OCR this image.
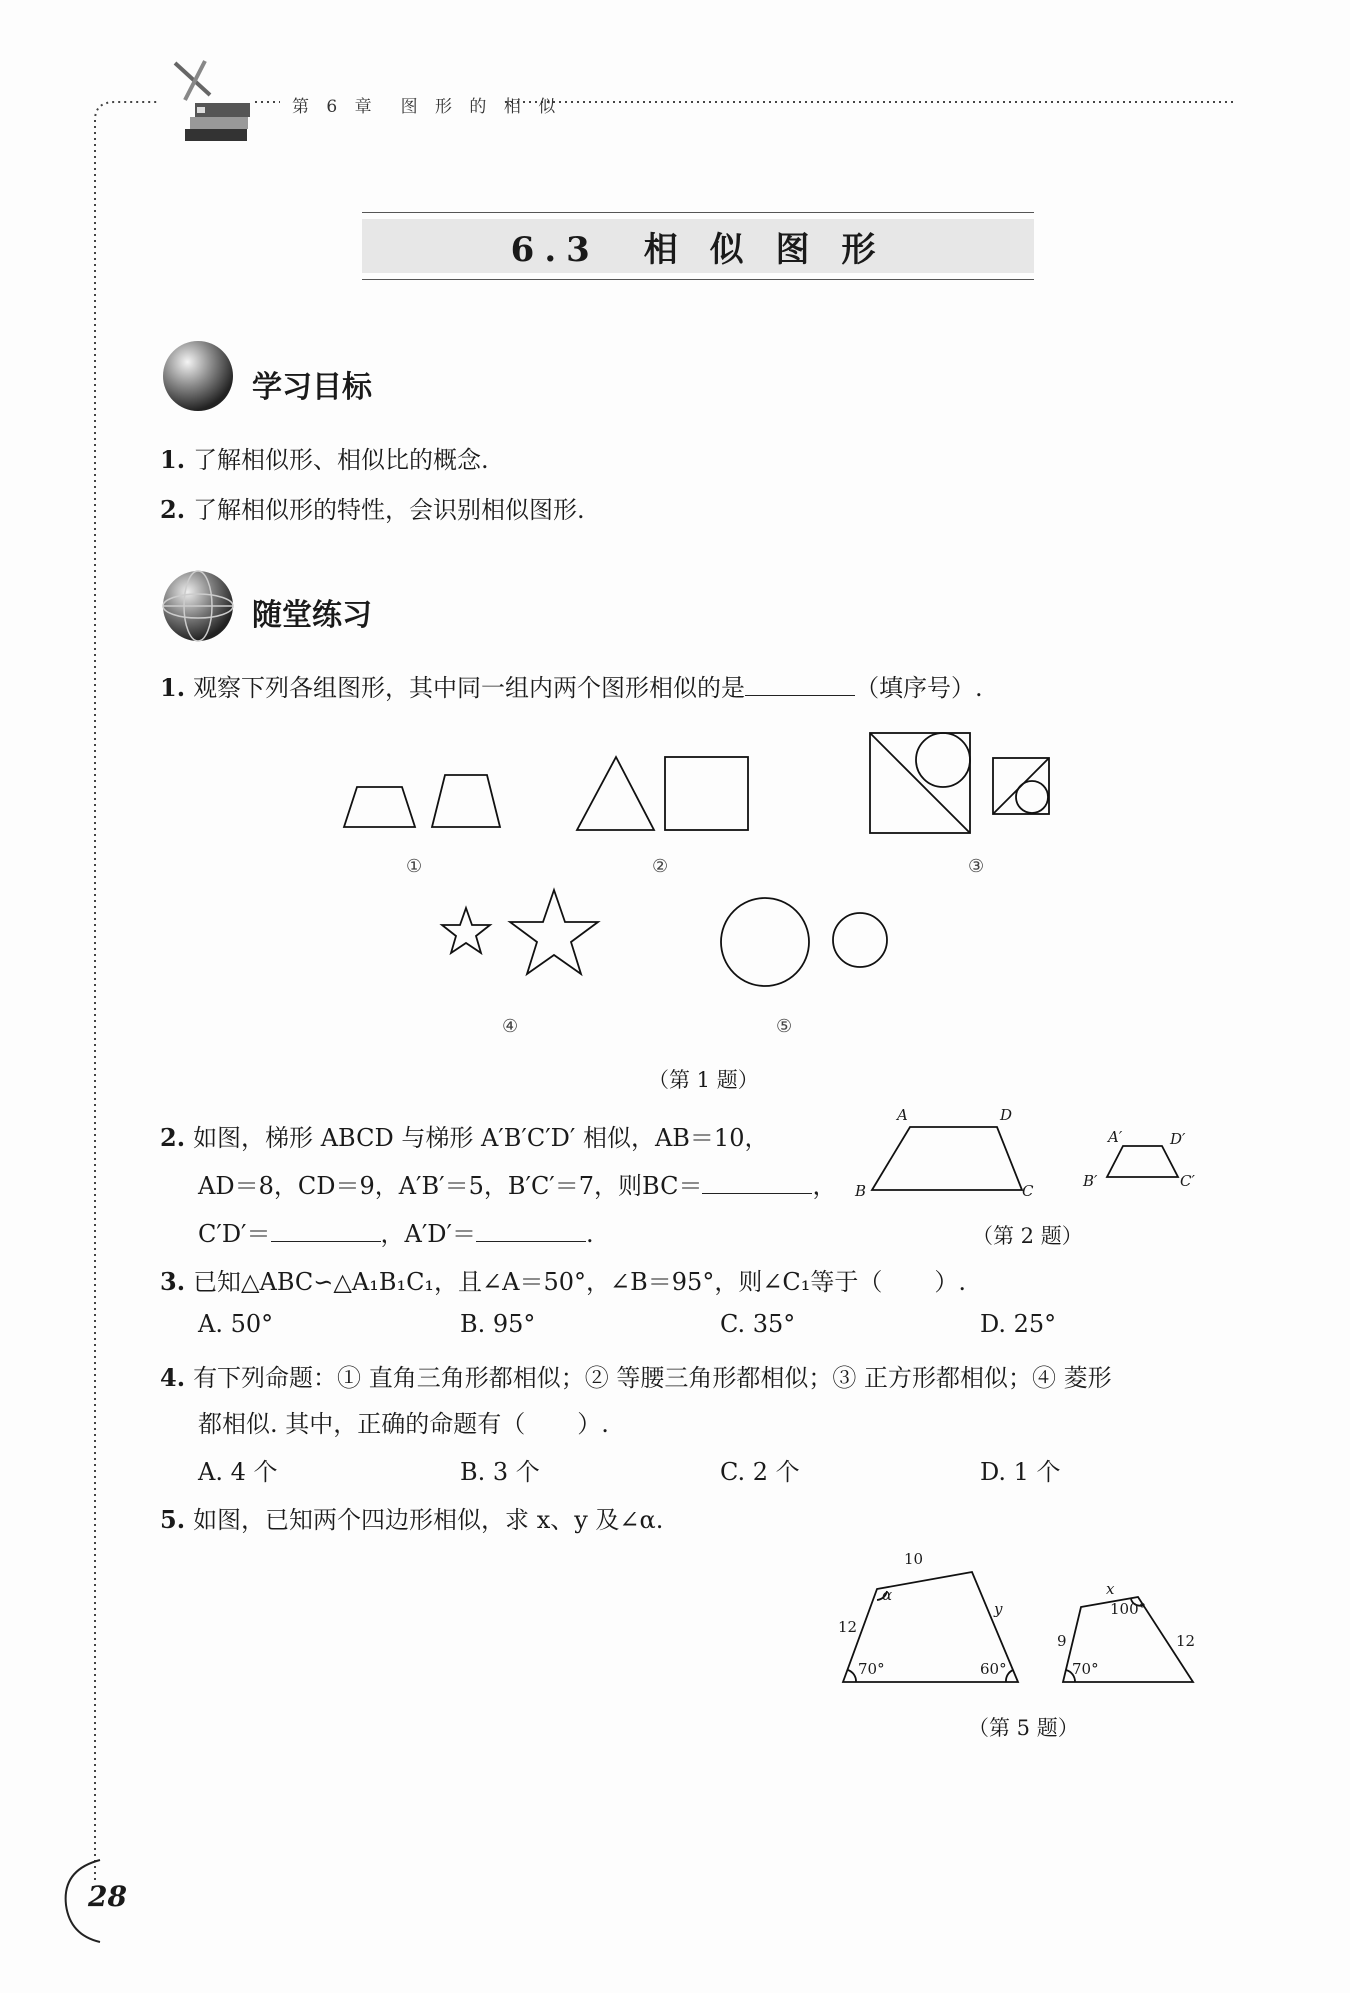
第 6 章　图 形 的 相 似
6.3　相 似 图 形
学习目标
1. 了解相似形、相似比的概念.
2. 了解相似形的特性，会识别相似图形.
随堂练习
1. 观察下列各组图形，其中同一组内两个图形相似的是	（填序号）.
①	②	③
④	⑤
（第 1 题）
2. 如图，梯形 ABCD 与梯形 A′B′C′D′ 相似，AB＝10，
AD＝8，CD＝9，A′B′＝5，B′C′＝7，则BC＝	，
C′D′＝	，A′D′＝	.
A	D
B	C
A′	D′
B′	C′
（第 2 题）
3. 已知△ABC∽△A₁B₁C₁，且∠A＝50°，∠B＝95°，则∠C₁等于（ ）.
A. 50°	B. 95°	C. 35°	D. 25°
4. 有下列命题：① 直角三角形都相似；② 等腰三角形都相似；③ 正方形都相似；④ 菱形
都相似. 其中，正确的命题有（ ）.
A. 4 个	B. 3 个	C. 2 个	D. 1 个
5. 如图，已知两个四边形相似，求 x、y 及∠α.
10
12
y
α
70°	60°
x
9	12
100°
70°
（第 5 题）
28
